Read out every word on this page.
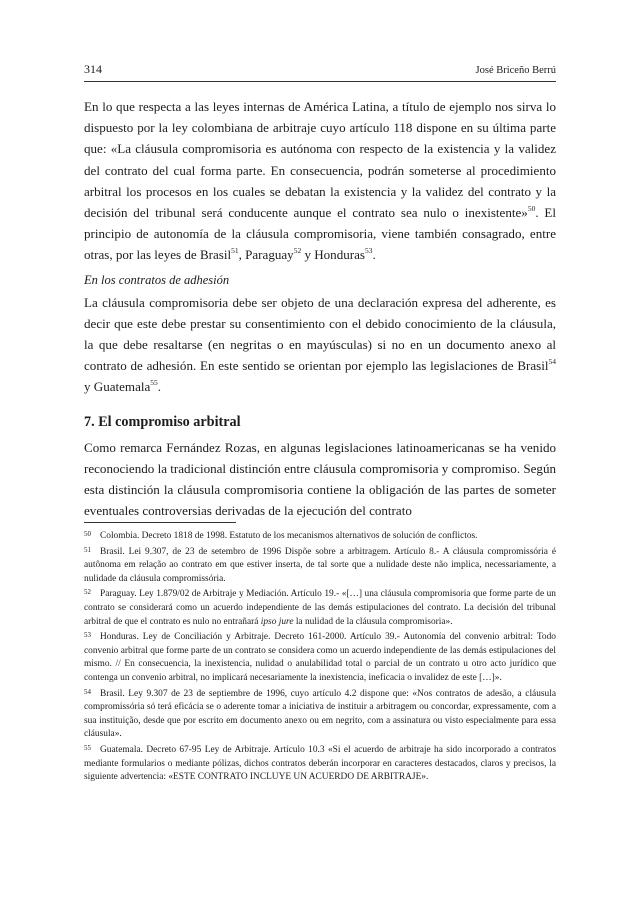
314	José Briceño Berrú

En lo que respecta a las leyes internas de América Latina, a título de ejemplo nos sirva lo dispuesto por la ley colombiana de arbitraje cuyo artículo 118 dispone en su última parte que: «La cláusula compromisoria es autónoma con respecto de la existencia y la validez del contrato del cual forma parte. En consecuencia, podrán someterse al procedimiento arbitral los procesos en los cuales se debatan la existencia y la validez del contrato y la decisión del tribunal será conducente aunque el contrato sea nulo o inexistente»$^{50}$. El principio de autonomía de la cláusula compromisoria, viene también consagrado, entre otras, por las leyes de Brasil$^{51}$, Paraguay$^{52}$ y Honduras$^{53}$.

En los contratos de adhesión

La cláusula compromisoria debe ser objeto de una declaración expresa del adherente, es decir que este debe prestar su consentimiento con el debido conocimiento de la cláusula, la que debe resaltarse (en negritas o en mayúsculas) si no en un documento anexo al contrato de adhesión. En este sentido se orientan por ejemplo las legislaciones de Brasil$^{54}$ y Guatemala$^{55}$.

7. El compromiso arbitral

Como remarca Fernández Rozas, en algunas legislaciones latinoamericanas se ha venido reconociendo la tradicional distinción entre cláusula compromisoria y compromiso. Según esta distinción la cláusula compromisoria contiene la obligación de las partes de someter eventuales controversias derivadas de la ejecución del contrato

50 Colombia. Decreto 1818 de 1998. Estatuto de los mecanismos alternativos de solución de conflictos.

51 Brasil. Lei 9.307, de 23 de setembro de 1996 Dispõe sobre a arbitragem. Artículo 8.- A cláusula compromissória é autônoma em relação ao contrato em que estiver inserta, de tal sorte que a nulidade deste não implica, necessariamente, a nulidade da cláusula compromissória.

52 Paraguay. Ley 1.879/02 de Arbitraje y Mediación. Artículo 19.- «[…] una cláusula compromisoria que forme parte de un contrato se considerará como un acuerdo independiente de las demás estipulaciones del contrato. La decisión del tribunal arbitral de que el contrato es nulo no entrañará ipso jure la nulidad de la cláusula compromisoria».

53 Honduras. Ley de Conciliación y Arbitraje. Decreto 161-2000. Artículo 39.- Autonomía del convenio arbitral: Todo convenio arbitral que forme parte de un contrato se considera como un acuerdo independiente de las demás estipulaciones del mismo. // En consecuencia, la inexistencia, nulidad o anulabilidad total o parcial de un contrato u otro acto jurídico que contenga un convenio arbitral, no implicará necesariamente la inexistencia, ineficacia o invalidez de este […]».

54 Brasil. Ley 9.307 de 23 de septiembre de 1996, cuyo artículo 4.2 dispone que: «Nos contratos de adesão, a cláusula compromissória só terá eficácia se o aderente tomar a iniciativa de instituir a arbitragem ou concordar, expressamente, com a sua instituição, desde que por escrito em documento anexo ou em negrito, com a assinatura ou visto especialmente para essa cláusula».

55 Guatemala. Decreto 67-95 Ley de Arbitraje. Artículo 10.3 «Si el acuerdo de arbitraje ha sido incorporado a contratos mediante formularios o mediante pólizas, dichos contratos deberán incorporar en caracteres destacados, claros y precisos, la siguiente advertencia: «ESTE CONTRATO INCLUYE UN ACUERDO DE ARBITRAJE».
